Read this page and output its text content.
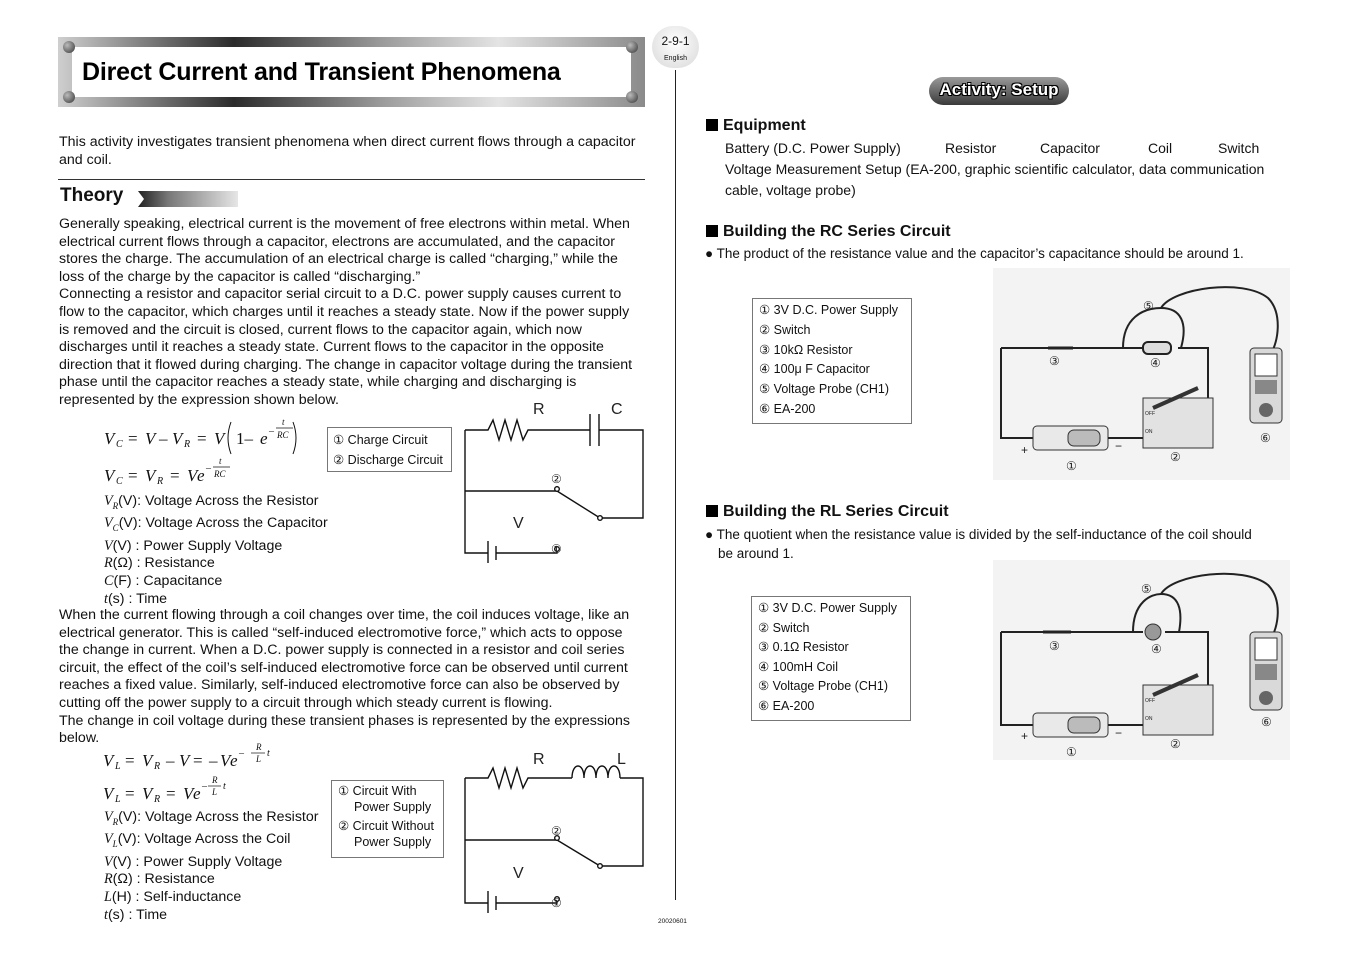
Direct Current and Transient Phenomena
2-9-1
English
20020601
This activity investigates transient phenomena when direct current flows through a capacitor and coil.
Theory
Generally speaking, electrical current is the movement of free electrons within metal. When
electrical current flows through a capacitor, electrons are accumulated, and the capacitor
stores the charge. The accumulation of an electrical charge is called “charging,” while the
loss of the charge by the capacitor is called “discharging.”
Connecting a resistor and capacitor serial circuit to a D.C. power supply causes current to
flow to the capacitor, which charges until it reaches a steady state. Now if the power supply
is removed and the circuit is closed, current flows to the capacitor again, which now
discharges until it reaches a steady state. Current flows to the capacitor in the opposite
direction that it flowed during charging. The change in capacitor voltage during the transient
phase until the capacitor reaches a steady state, while charging and discharging is
represented by the expression shown below.
V C = V – V R = V 1– e –
t
RC
V C = V R = V e –
t
RC
$V_R(V)$: Voltage Across the Resistor
$V_C(V)$: Voltage Across the Capacitor
V(V) : Power Supply Voltage
R(Ω) : Resistance
C(F) : Capacitance
t(s) : Time
① Charge Circuit
② Discharge Circuit
R	C
V
②
①
When the current flowing through a coil changes over time, the coil induces voltage, like an
electrical generator. This is called “self-induced electromotive force,” which acts to oppose
the change in current. When a D.C. power supply is connected in a resistor and coil series
circuit, the effect of the coil’s self-induced electromotive force can be observed until current
reaches a fixed value. Similarly, self-induced electromotive force can also be observed by
cutting off the power supply to a circuit through which steady current is flowing.
The change in coil voltage during these transient phases is represented by the expressions
below.
V L = V R – V = – V e –
R
L t
V L = V R = V e –
R
L t
$V_R(V)$: Voltage Across the Resistor
$V_L(V)$: Voltage Across the Coil
V(V) : Power Supply Voltage
R(Ω) : Resistance
L(H) : Self-inductance
t(s) : Time
① Circuit With
Power Supply
② Circuit Without
Power Supply
R	L
V
②
①
Activity: Setup
Equipment
Battery (D.C. Power Supply)	Resistor	Capacitor	Coil	Switch
Voltage Measurement Setup (EA-200, graphic scientific calculator, data communication
cable, voltage probe)
Building the RC Series Circuit
● The product of the resistance value and the capacitor’s capacitance should be around 1.
① 3V D.C. Power Supply
② Switch
③ 10kΩ Resistor
④ 100μ F Capacitor
⑤ Voltage Probe (CH1)
⑥ EA-200
⑤
③	④
⑥
+	−
①
②
OFF
ON
Building the RL Series Circuit
● The quotient when the resistance value is divided by the self-inductance of the coil should
be around 1.
① 3V D.C. Power Supply
② Switch
③ 0.1Ω Resistor
④ 100mH Coil
⑤ Voltage Probe (CH1)
⑥ EA-200
⑤
③	④
⑥
+	−
①
②
OFF
ON
